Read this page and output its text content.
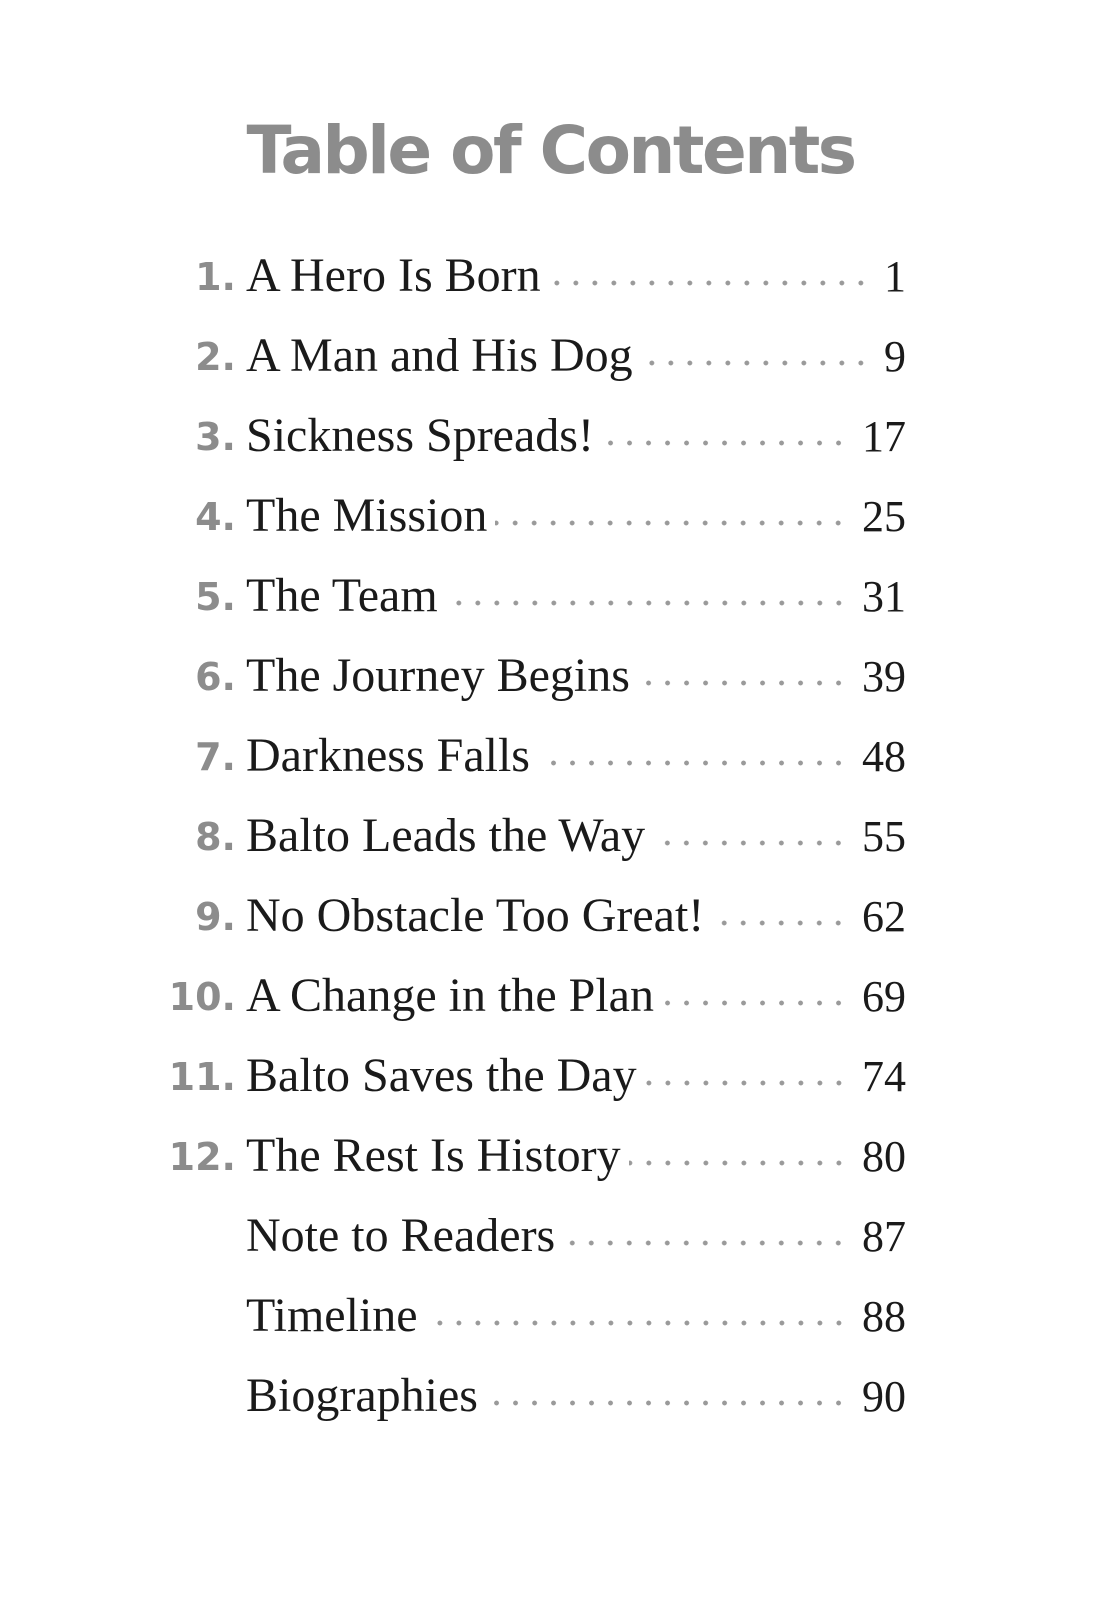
Table of Contents
1. A Hero Is Born	1
2. A Man and His Dog	9
3. Sickness Spreads!	17
4. The Mission	25
5. The Team	31
6. The Journey Begins	39
7. Darkness Falls	48
8. Balto Leads the Way	55
9. No Obstacle Too Great!	62
10. A Change in the Plan	69
11. Balto Saves the Day	74
12. The Rest Is History	80
Note to Readers	87
Timeline	88
Biographies	90
